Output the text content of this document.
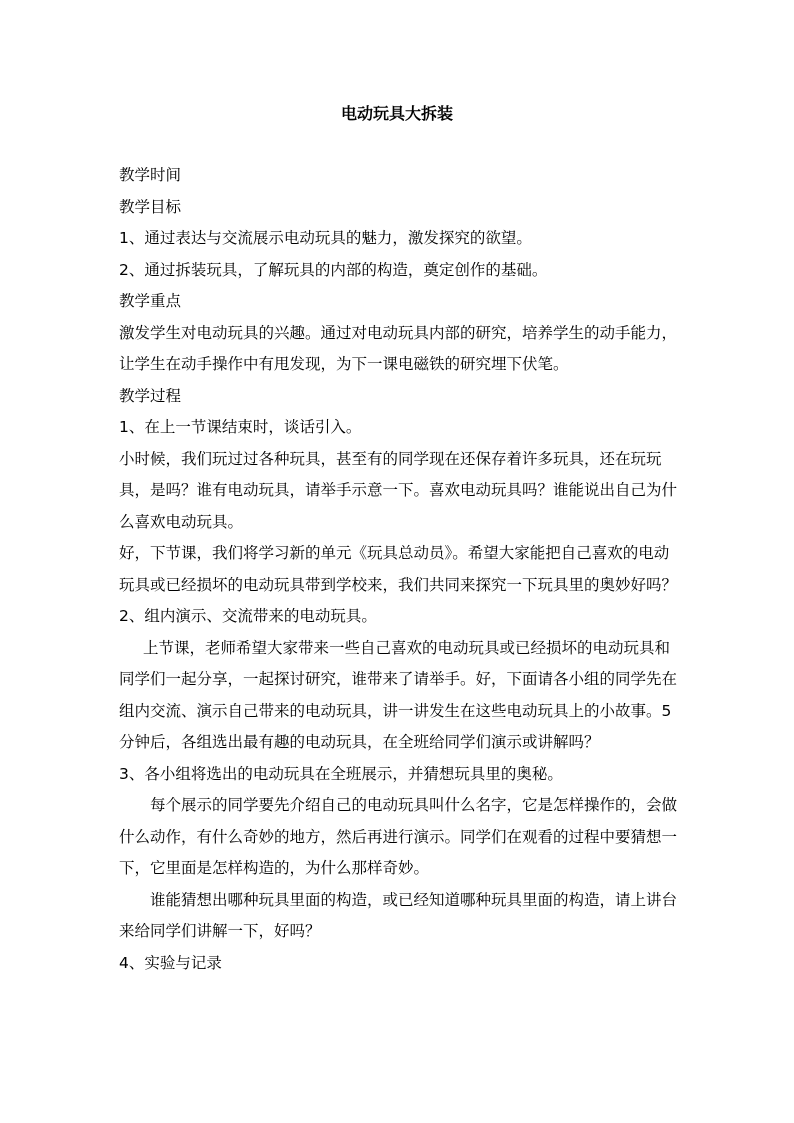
电动玩具大拆装

教学时间

教学目标

1、通过表达与交流展示电动玩具的魅力，激发探究的欲望。

2、通过拆装玩具，了解玩具的内部的构造，奠定创作的基础。

教学重点

激发学生对电动玩具的兴趣。通过对电动玩具内部的研究，培养学生的动手能力，让学生在动手操作中有甩发现，为下一课电磁铁的研究埋下伏笔。

教学过程

1、在上一节课结束时，谈话引入。

小时候，我们玩过过各种玩具，甚至有的同学现在还保存着许多玩具，还在玩玩具，是吗？谁有电动玩具，请举手示意一下。喜欢电动玩具吗？谁能说出自己为什么喜欢电动玩具。

好，下节课，我们将学习新的单元《玩具总动员》。希望大家能把自己喜欢的电动玩具或已经损坏的电动玩具带到学校来，我们共同来探究一下玩具里的奥妙好吗？

2、组内演示、交流带来的电动玩具。

上节课，老师希望大家带来一些自己喜欢的电动玩具或已经损坏的电动玩具和同学们一起分享，一起探讨研究，谁带来了请举手。好，下面请各小组的同学先在组内交流、演示自己带来的电动玩具，讲一讲发生在这些电动玩具上的小故事。5分钟后，各组选出最有趣的电动玩具，在全班给同学们演示或讲解吗？

3、各小组将选出的电动玩具在全班展示，并猜想玩具里的奥秘。

每个展示的同学要先介绍自己的电动玩具叫什么名字，它是怎样操作的，会做什么动作，有什么奇妙的地方，然后再进行演示。同学们在观看的过程中要猜想一下，它里面是怎样构造的，为什么那样奇妙。

谁能猜想出哪种玩具里面的构造，或已经知道哪种玩具里面的构造，请上讲台来给同学们讲解一下，好吗？

4、实验与记录
